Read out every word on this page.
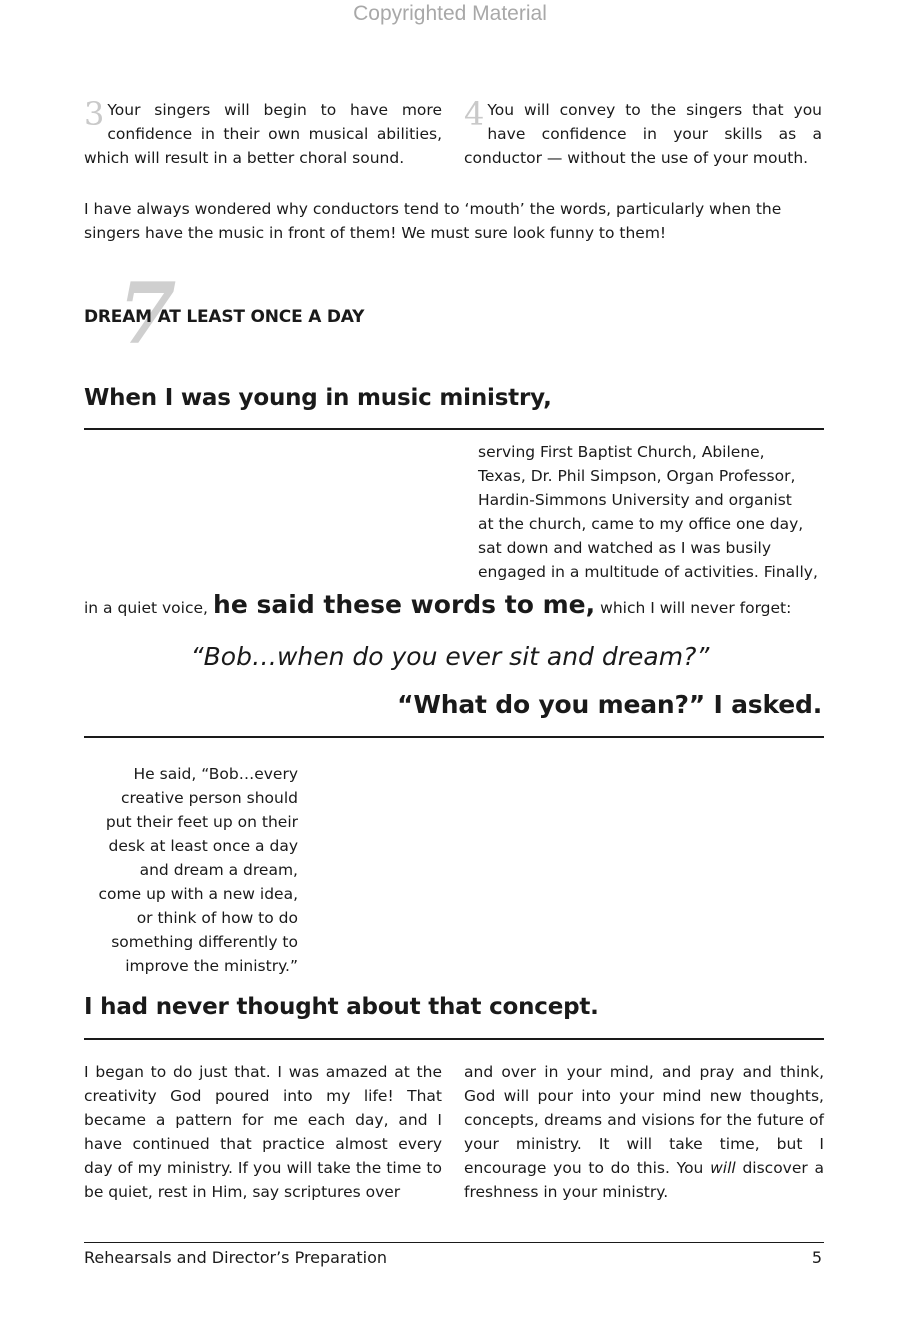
Copyrighted Material
3 Your singers will begin to have more confidence in their own musical abilities, which will result in a better choral sound.
4 You will convey to the singers that you have confidence in your skills as a conductor — without the use of your mouth.
I have always wondered why conductors tend to ‘mouth’ the words, particularly when the singers have the music in front of them! We must sure look funny to them!
7
DREAM AT LEAST ONCE A DAY
When I was young in music ministry,
serving First Baptist Church, Abilene,
Texas, Dr. Phil Simpson, Organ Professor,
Hardin-Simmons University and organist
at the church, came to my office one day,
sat down and watched as I was busily
engaged in a multitude of activities. Finally,
in a quiet voice, he said these words to me, which I will never forget:
“Bob…when do you ever sit and dream?”
“What do you mean?” I asked.
He said, “Bob…every
creative person should
put their feet up on their
desk at least once a day
and dream a dream,
come up with a new idea,
or think of how to do
something differently to
improve the ministry.”
I had never thought about that concept.
I began to do just that. I was amazed at the creativity God poured into my life! That became a pattern for me each day, and I have continued that practice almost every day of my ministry. If you will take the time to be quiet, rest in Him, say scriptures over
and over in your mind, and pray and think, God will pour into your mind new thoughts, concepts, dreams and visions for the future of your ministry. It will take time, but I encourage you to do this. You will discover a freshness in your ministry.
Rehearsals and Director’s Preparation	5
